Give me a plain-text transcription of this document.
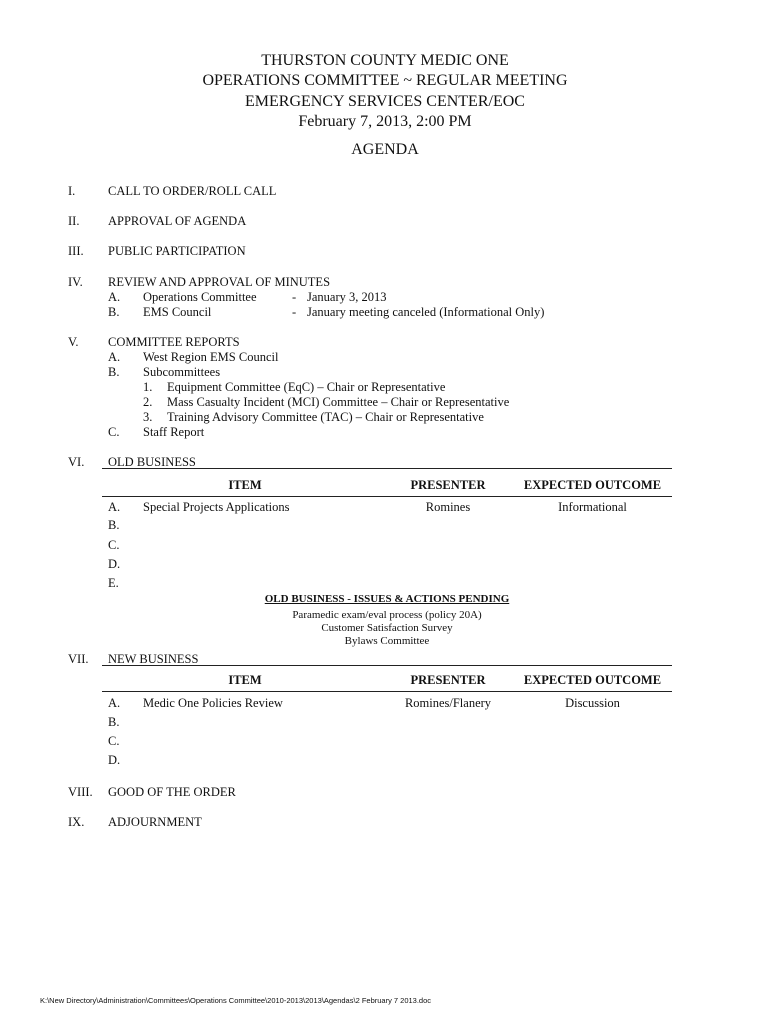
THURSTON COUNTY MEDIC ONE
OPERATIONS COMMITTEE ~ REGULAR MEETING
EMERGENCY SERVICES CENTER/EOC
February 7, 2013, 2:00 PM
AGENDA
I.	CALL TO ORDER/ROLL CALL
II. APPROVAL OF AGENDA
III. PUBLIC PARTICIPATION
IV. REVIEW AND APPROVAL OF MINUTES
A. Operations Committee	- January 3, 2013
B. EMS Council	- January meeting canceled (Informational Only)
V. COMMITTEE REPORTS
A. West Region EMS Council
B. Subcommittees
1. Equipment Committee (EqC) – Chair or Representative
2. Mass Casualty Incident (MCI) Committee – Chair or Representative
3. Training Advisory Committee (TAC) – Chair or Representative
C. Staff Report
VI. OLD BUSINESS
ITEM	PRESENTER	EXPECTED OUTCOME
A. Special Projects Applications	Romines	Informational
B.
C.
D.
E.
OLD BUSINESS - ISSUES & ACTIONS PENDING
Paramedic exam/eval process (policy 20A)
Customer Satisfaction Survey
Bylaws Committee
VII. NEW BUSINESS
ITEM	PRESENTER	EXPECTED OUTCOME
A. Medic One Policies Review	Romines/Flanery	Discussion
B.
C.
D.
VIII. GOOD OF THE ORDER
IX. ADJOURNMENT
K:\New Directory\Administration\Committees\Operations Committee\2010-2013\2013\Agendas\2 February 7 2013.doc
